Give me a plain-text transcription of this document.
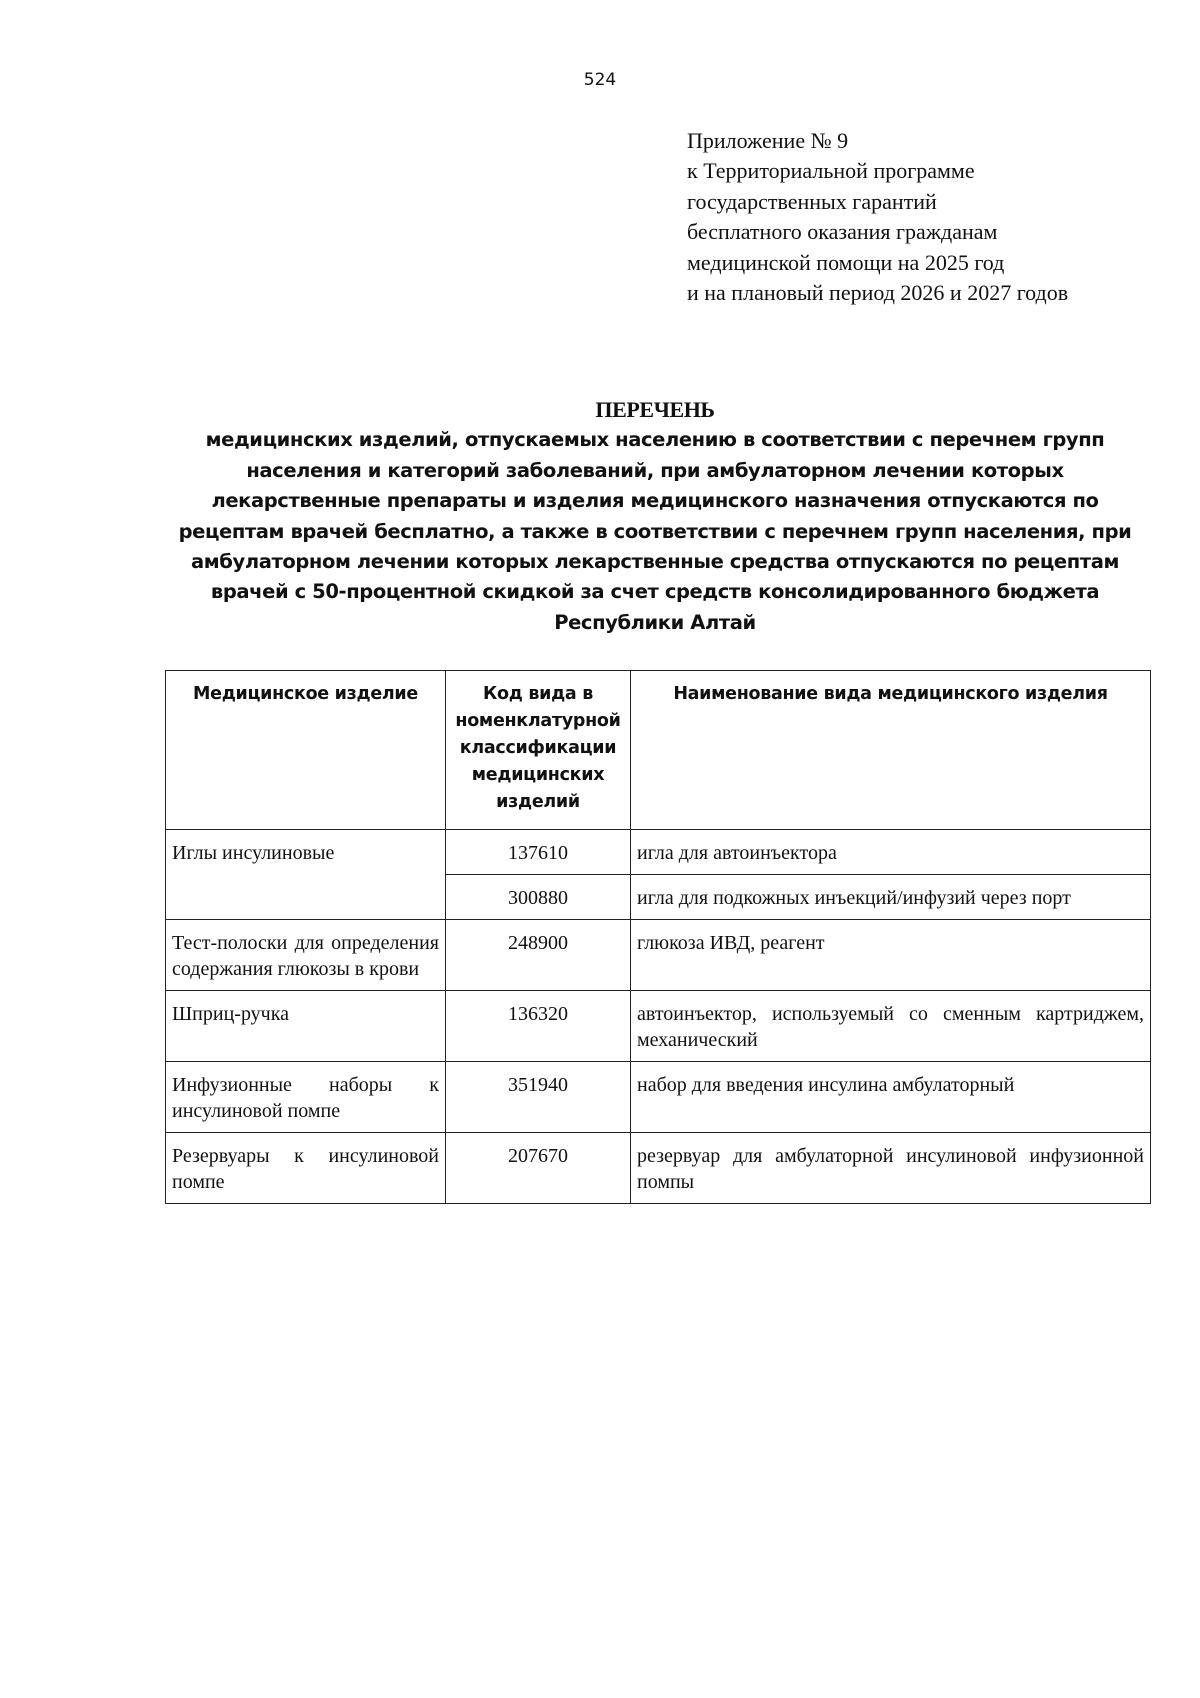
524
Приложение № 9
к Территориальной программе
государственных гарантий
бесплатного оказания гражданам
медицинской помощи на 2025 год
и на плановый период 2026 и 2027 годов
ПЕРЕЧЕНЬ
медицинских изделий, отпускаемых населению в соответствии с перечнем групп
населения и категорий заболеваний, при амбулаторном лечении которых
лекарственные препараты и изделия медицинского назначения отпускаются по
рецептам врачей бесплатно, а также в соответствии с перечнем групп населения, при
амбулаторном лечении которых лекарственные средства отпускаются по рецептам
врачей с 50-процентной скидкой за счет средств консолидированного бюджета
Республики Алтай
Медицинское изделие	Код вида в номенклатурной классификации медицинских изделий	Наименование вида медицинского изделия
Иглы инсулиновые	137610	игла для автоинъектора
	300880	игла для подкожных инъекций/инфузий через порт
Тест-полоски для определения содержания глюкозы в крови	248900	глюкоза ИВД, реагент
Шприц-ручка	136320	автоинъектор, используемый со сменным картриджем, механический
Инфузионные наборы к инсулиновой помпе	351940	набор для введения инсулина амбулаторный
Резервуары к инсулиновой помпе	207670	резервуар для амбулаторной инсулиновой инфузионной помпы
